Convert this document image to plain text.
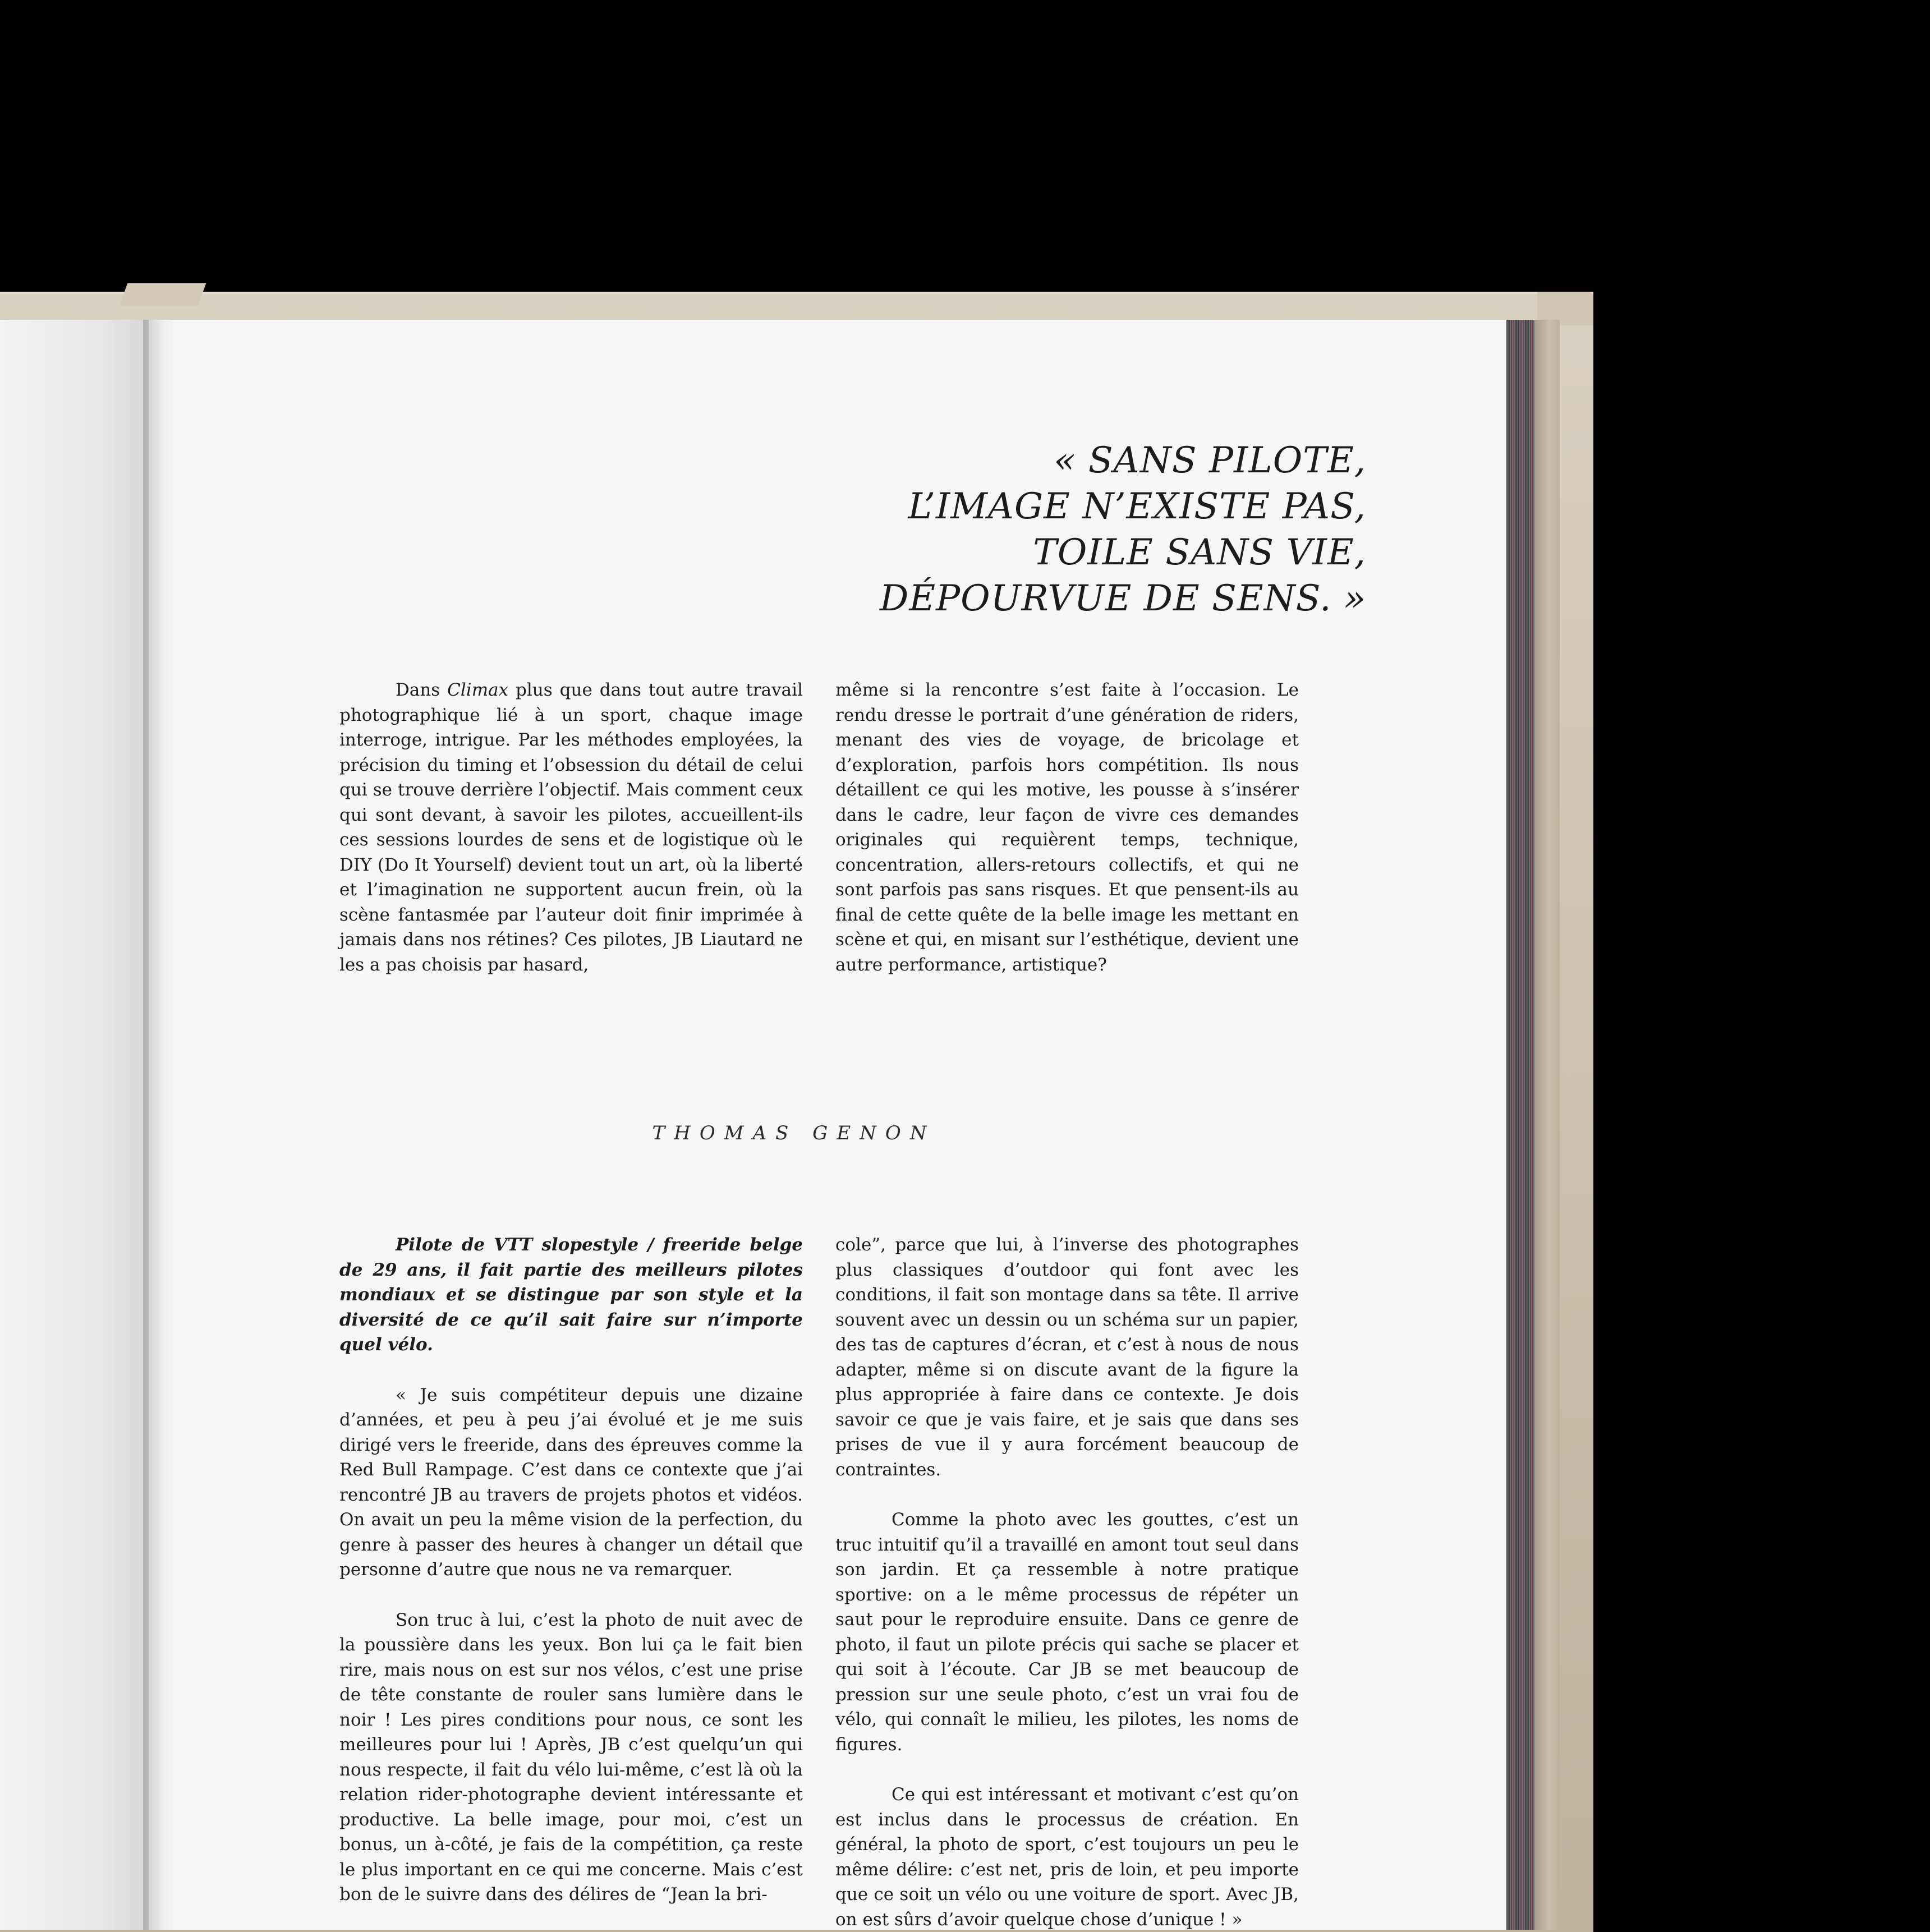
« SANS PILOTE,
L’IMAGE N’EXISTE PAS,
TOILE SANS VIE,
DÉPOURVUE DE SENS. »

Dans Climax plus que dans tout autre travail photographique lié à un sport, chaque image interroge, intrigue. Par les méthodes employées, la précision du timing et l’obsession du détail de celui qui se trouve derrière l’objectif. Mais comment ceux qui sont devant, à savoir les pilotes, accueillent-ils ces sessions lourdes de sens et de logistique où le DIY (Do It Yourself) devient tout un art, où la liberté et l’imagination ne supportent aucun frein, où la scène fantasmée par l’auteur doit finir imprimée à jamais dans nos rétines? Ces pilotes, JB Liautard ne les a pas choisis par hasard,

même si la rencontre s’est faite à l’occasion. Le rendu dresse le portrait d’une génération de riders, menant des vies de voyage, de bricolage et d’exploration, parfois hors compétition. Ils nous détaillent ce qui les motive, les pousse à s’insérer dans le cadre, leur façon de vivre ces demandes originales qui requièrent temps, technique, concentration, allers-retours collectifs, et qui ne sont parfois pas sans risques. Et que pensent-ils au final de cette quête de la belle image les mettant en scène et qui, en misant sur l’esthétique, devient une autre performance, artistique?

THOMAS GENON

Pilote de VTT slopestyle / freeride belge de 29 ans, il fait partie des meilleurs pilotes mondiaux et se distingue par son style et la diversité de ce qu’il sait faire sur n’importe quel vélo.

« Je suis compétiteur depuis une dizaine d’années, et peu à peu j’ai évolué et je me suis dirigé vers le freeride, dans des épreuves comme la Red Bull Rampage. C’est dans ce contexte que j’ai rencontré JB au travers de projets photos et vidéos. On avait un peu la même vision de la perfection, du genre à passer des heures à changer un détail que personne d’autre que nous ne va remarquer.

Son truc à lui, c’est la photo de nuit avec de la poussière dans les yeux. Bon lui ça le fait bien rire, mais nous on est sur nos vélos, c’est une prise de tête constante de rouler sans lumière dans le noir ! Les pires conditions pour nous, ce sont les meilleures pour lui ! Après, JB c’est quelqu’un qui nous respecte, il fait du vélo lui-même, c’est là où la relation rider-photographe devient intéressante et productive. La belle image, pour moi, c’est un bonus, un à-côté, je fais de la compétition, ça reste le plus important en ce qui me concerne. Mais c’est bon de le suivre dans des délires de “Jean la bri-

cole”, parce que lui, à l’inverse des photographes plus classiques d’outdoor qui font avec les conditions, il fait son montage dans sa tête. Il arrive souvent avec un dessin ou un schéma sur un papier, des tas de captures d’écran, et c’est à nous de nous adapter, même si on discute avant de la figure la plus appropriée à faire dans ce contexte. Je dois savoir ce que je vais faire, et je sais que dans ses prises de vue il y aura forcément beaucoup de contraintes.

Comme la photo avec les gouttes, c’est un truc intuitif qu’il a travaillé en amont tout seul dans son jardin. Et ça ressemble à notre pratique sportive: on a le même processus de répéter un saut pour le reproduire ensuite. Dans ce genre de photo, il faut un pilote précis qui sache se placer et qui soit à l’écoute. Car JB se met beaucoup de pression sur une seule photo, c’est un vrai fou de vélo, qui connaît le milieu, les pilotes, les noms de figures.

Ce qui est intéressant et motivant c’est qu’on est inclus dans le processus de création. En général, la photo de sport, c’est toujours un peu le même délire: c’est net, pris de loin, et peu importe que ce soit un vélo ou une voiture de sport. Avec JB, on est sûrs d’avoir quelque chose d’unique ! »
